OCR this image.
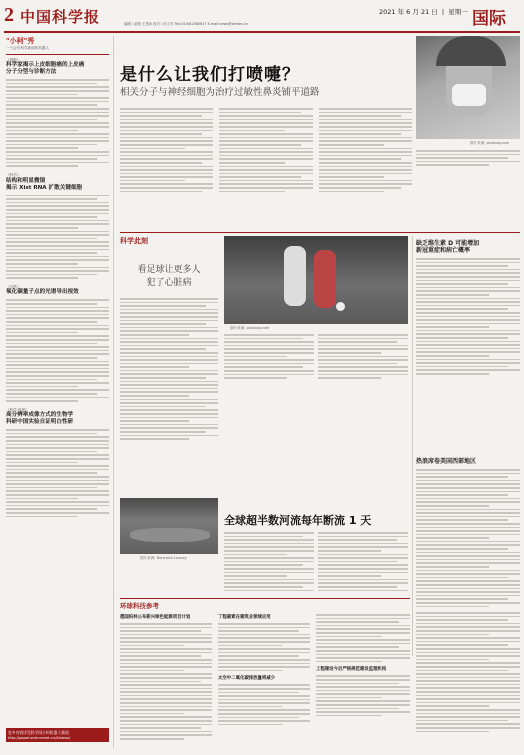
2 中国科学报	2021 年 6 月 21 日  |  星期一
编辑 / 赵路 王思冰 校对 / 何工作 Tel:(010)62580617 E-mail:news@stimes.cn	国际
"小柯"秀
一个会写科学新闻的机器人
《细胞》
科学家揭示上皮细胞癌的上皮癌
分子分型与诊断方法
《科学》
结构和明显微镜
揭示 Xist RNA 扩散关键细胞
《自然》
氧化碳量子点的光谱导出视效
《科学·进展》
高分辨率成像方式的生物学
科研中国实验自证明白性研
更多内容详见科学网小柯机器人频道：
http://paper.sciencenet.cn/AInews/
是什么让我们打喷嚏？
相关分子与神经细胞为治疗过敏性鼻炎铺平道路
图片来源: pixabay.com
科学此刻
看足球让更多人
犯了心脏病
图片来源: pixabay.com
缺乏维生素 D 可能增加
新冠重症和病亡概率
热浪席卷美国西部地区
全球超半数河流每年断流 1 天
图片来源: Bertrand Launay
环球科技参考
德国柏林公布新兴绿色能源项目计划	丁程碳素在建筑业领域应用
太空中二氧化碳排放量将减少
工程建设今后严格规范建设监理机构
